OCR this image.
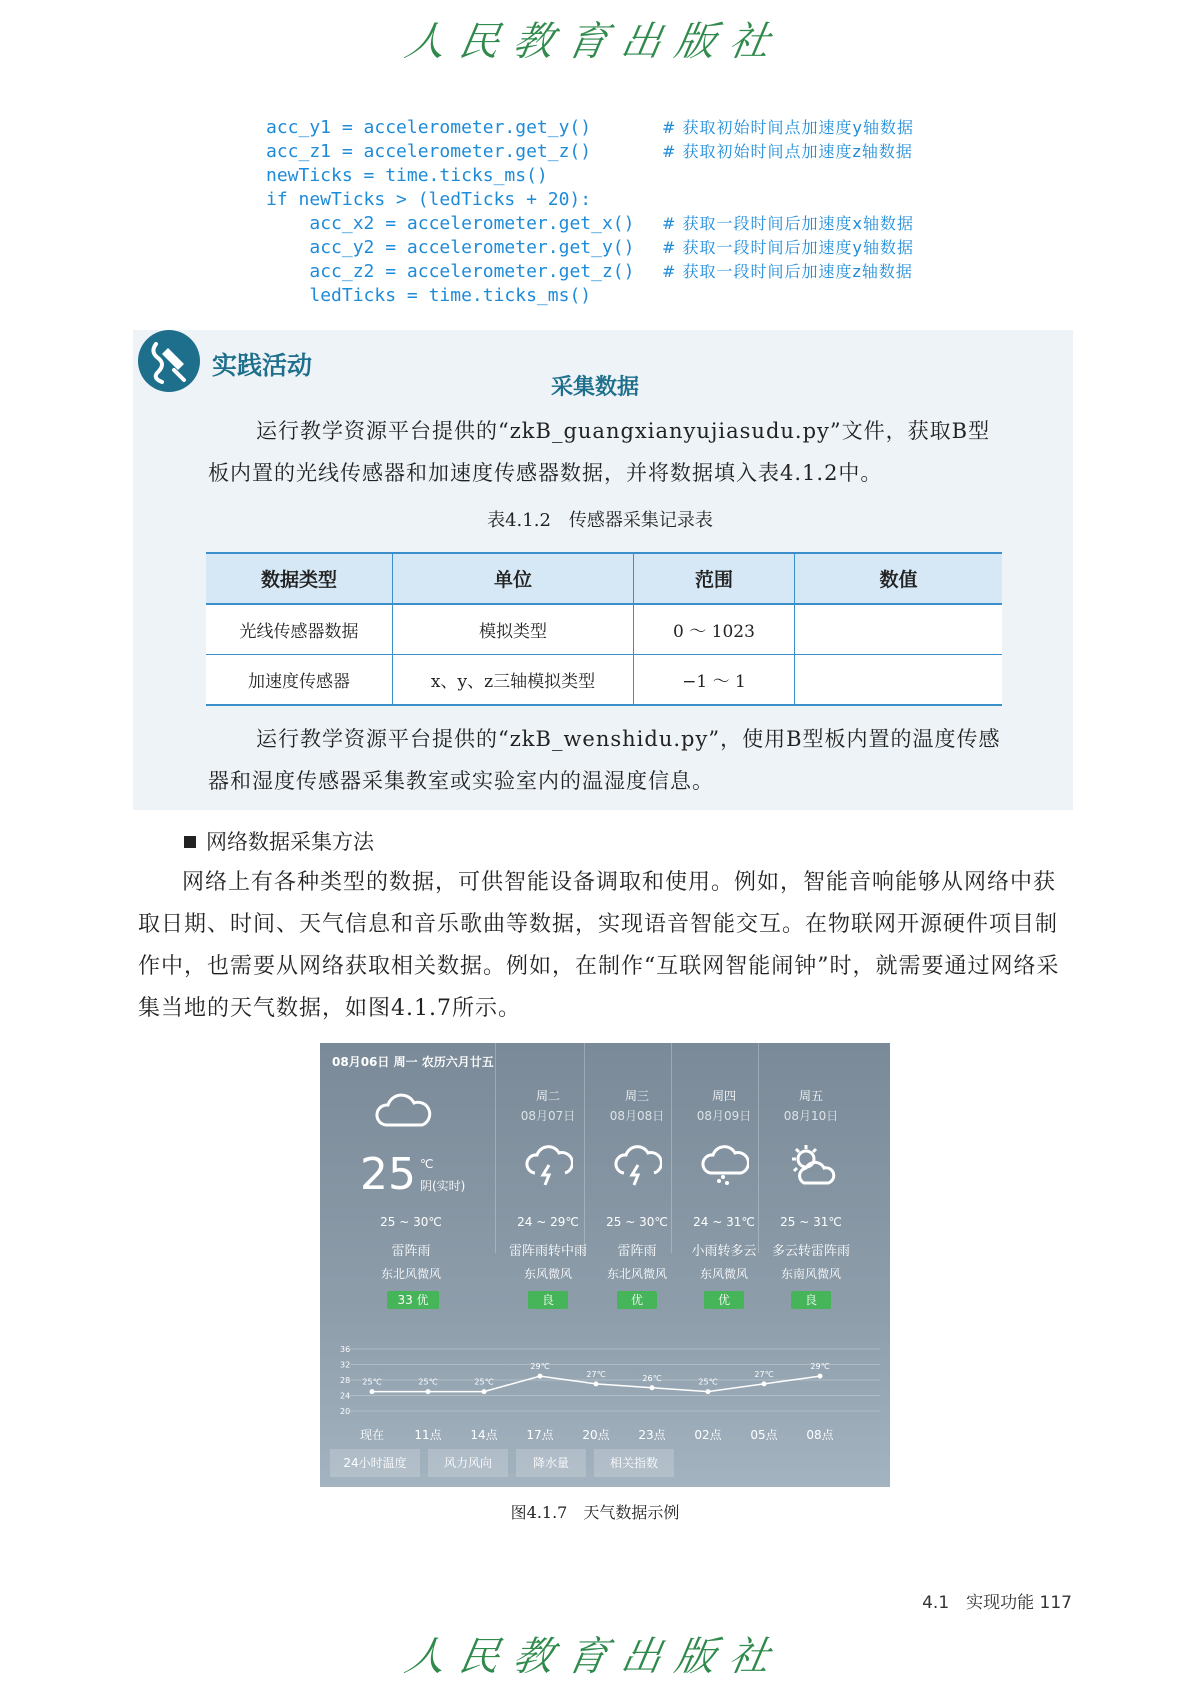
人民教育出版社
acc_y1 = accelerometer.get_y()	# 获取初始时间点加速度y轴数据
acc_z1 = accelerometer.get_z()	# 获取初始时间点加速度z轴数据
newTicks = time.ticks_ms()
if newTicks > (ledTicks + 20):
acc_x2 = accelerometer.get_x() # 获取一段时间后加速度x轴数据
acc_y2 = accelerometer.get_y() # 获取一段时间后加速度y轴数据
acc_z2 = accelerometer.get_z() # 获取一段时间后加速度z轴数据
ledTicks = time.ticks_ms()
实践活动
采集数据
运行教学资源平台提供的“zkB_guangxianyujiasudu.py”文件，获取B型板内置的光线传感器和加速度传感器数据，并将数据填入表4.1.2中。
表4.1.2　传感器采集记录表
数据类型	单位	范围	数值
光线传感器数据	模拟类型	0 ～ 1023	
加速度传感器	x、y、z三轴模拟类型	−1 ～ 1	
运行教学资源平台提供的“zkB_wenshidu.py”，使用B型板内置的温度传感器和湿度传感器采集教室或实验室内的温湿度信息。
网络数据采集方法
网络上有各种类型的数据，可供智能设备调取和使用。例如，智能音响能够从网络中获取日期、时间、天气信息和音乐歌曲等数据，实现语音智能交互。在物联网开源硬件项目制作中，也需要从网络获取相关数据。例如，在制作“互联网智能闹钟”时，就需要通过网络采集当地的天气数据，如图4.1.7所示。
08月06日 周一 农历六月廿五
25 ℃
阴(实时)
25 ~ 30℃
雷阵雨
东北风微风
33 优
周二
08月07日
24 ~ 29℃
雷阵雨转中雨
东风微风
良
周三
08月08日
25 ~ 30℃
雷阵雨
东北风微风
优
周四
08月09日
24 ~ 31℃
小雨转多云
东风微风
优
周五
08月10日
25 ~ 31℃
多云转雷阵雨
东南风微风
良
36
32
28
24
20
25℃	25℃	25℃
29℃
27℃	26℃	25℃
27℃
29℃
24小时温度	风力风向	降水量	相关指数
现在	11点	14点	17点	20点	23点	02点	05点	08点
图4.1.7　天气数据示例
4.1　实现功能 117
人民教育出版社
